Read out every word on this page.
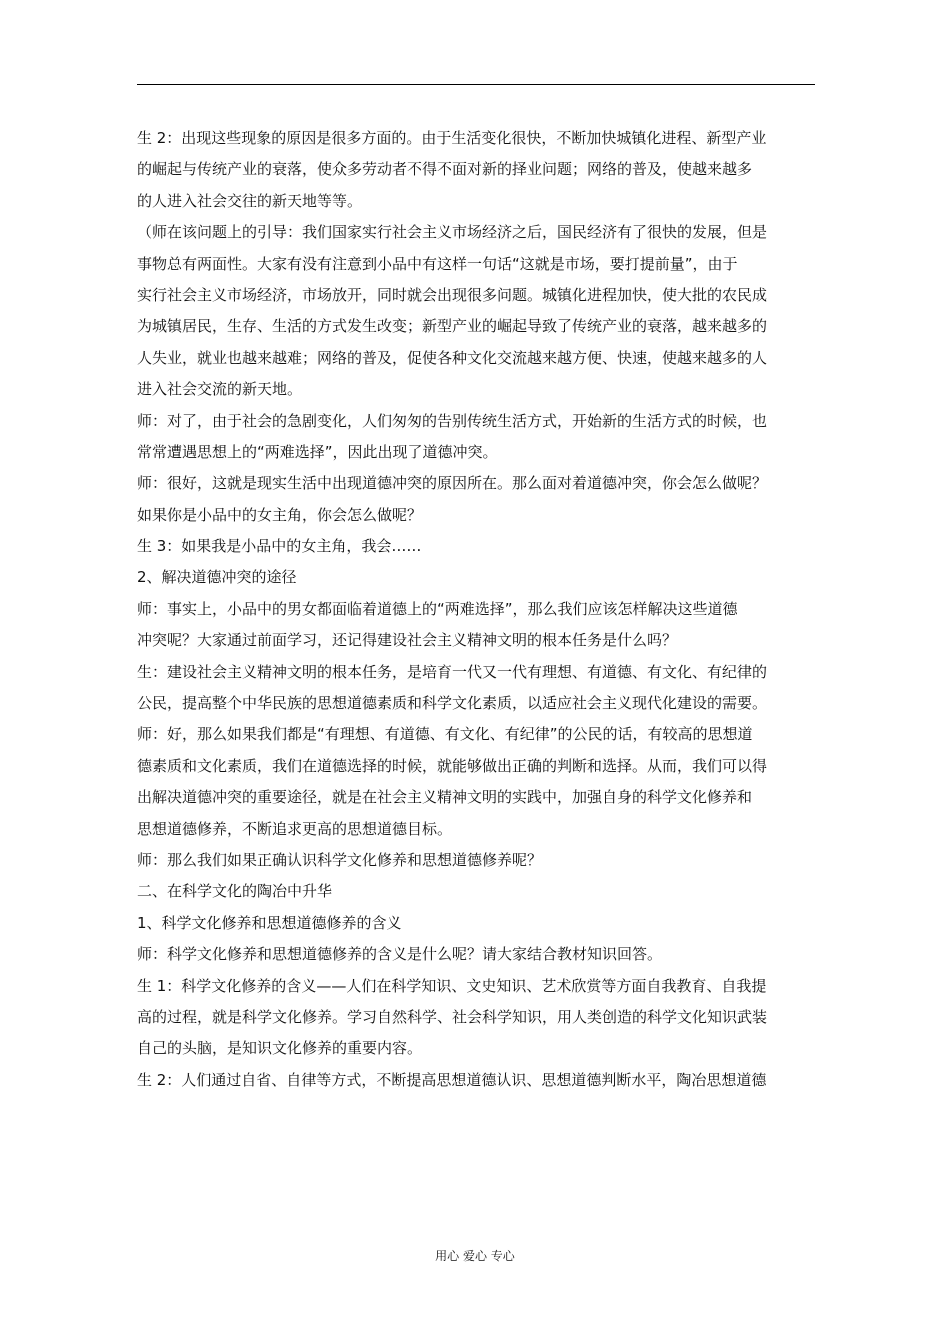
生 2：出现这些现象的原因是很多方面的。由于生活变化很快，不断加快城镇化进程、新型产业
的崛起与传统产业的衰落，使众多劳动者不得不面对新的择业问题；网络的普及，使越来越多
的人进入社会交往的新天地等等。
（师在该问题上的引导：我们国家实行社会主义市场经济之后，国民经济有了很快的发展，但是
事物总有两面性。大家有没有注意到小品中有这样一句话“这就是市场，要打提前量”，由于
实行社会主义市场经济，市场放开，同时就会出现很多问题。城镇化进程加快，使大批的农民成
为城镇居民，生存、生活的方式发生改变；新型产业的崛起导致了传统产业的衰落，越来越多的
人失业，就业也越来越难；网络的普及，促使各种文化交流越来越方便、快速，使越来越多的人
进入社会交流的新天地。
师：对了，由于社会的急剧变化，人们匆匆的告别传统生活方式，开始新的生活方式的时候，也
常常遭遇思想上的“两难选择”，因此出现了道德冲突。
师：很好，这就是现实生活中出现道德冲突的原因所在。那么面对着道德冲突，你会怎么做呢？
如果你是小品中的女主角，你会怎么做呢？
生 3：如果我是小品中的女主角，我会……
2、解决道德冲突的途径
师：事实上，小品中的男女都面临着道德上的“两难选择”，那么我们应该怎样解决这些道德
冲突呢？大家通过前面学习，还记得建设社会主义精神文明的根本任务是什么吗？
生：建设社会主义精神文明的根本任务，是培育一代又一代有理想、有道德、有文化、有纪律的
公民，提高整个中华民族的思想道德素质和科学文化素质，以适应社会主义现代化建设的需要。
师：好，那么如果我们都是“有理想、有道德、有文化、有纪律”的公民的话，有较高的思想道
德素质和文化素质，我们在道德选择的时候，就能够做出正确的判断和选择。从而，我们可以得
出解决道德冲突的重要途径，就是在社会主义精神文明的实践中，加强自身的科学文化修养和
思想道德修养，不断追求更高的思想道德目标。
师：那么我们如果正确认识科学文化修养和思想道德修养呢？
二、在科学文化的陶冶中升华
1、科学文化修养和思想道德修养的含义
师：科学文化修养和思想道德修养的含义是什么呢？请大家结合教材知识回答。
生 1：科学文化修养的含义——人们在科学知识、文史知识、艺术欣赏等方面自我教育、自我提
高的过程，就是科学文化修养。学习自然科学、社会科学知识，用人类创造的科学文化知识武装
自己的头脑，是知识文化修养的重要内容。
生 2：人们通过自省、自律等方式，不断提高思想道德认识、思想道德判断水平，陶冶思想道德
用心 爱心 专心
